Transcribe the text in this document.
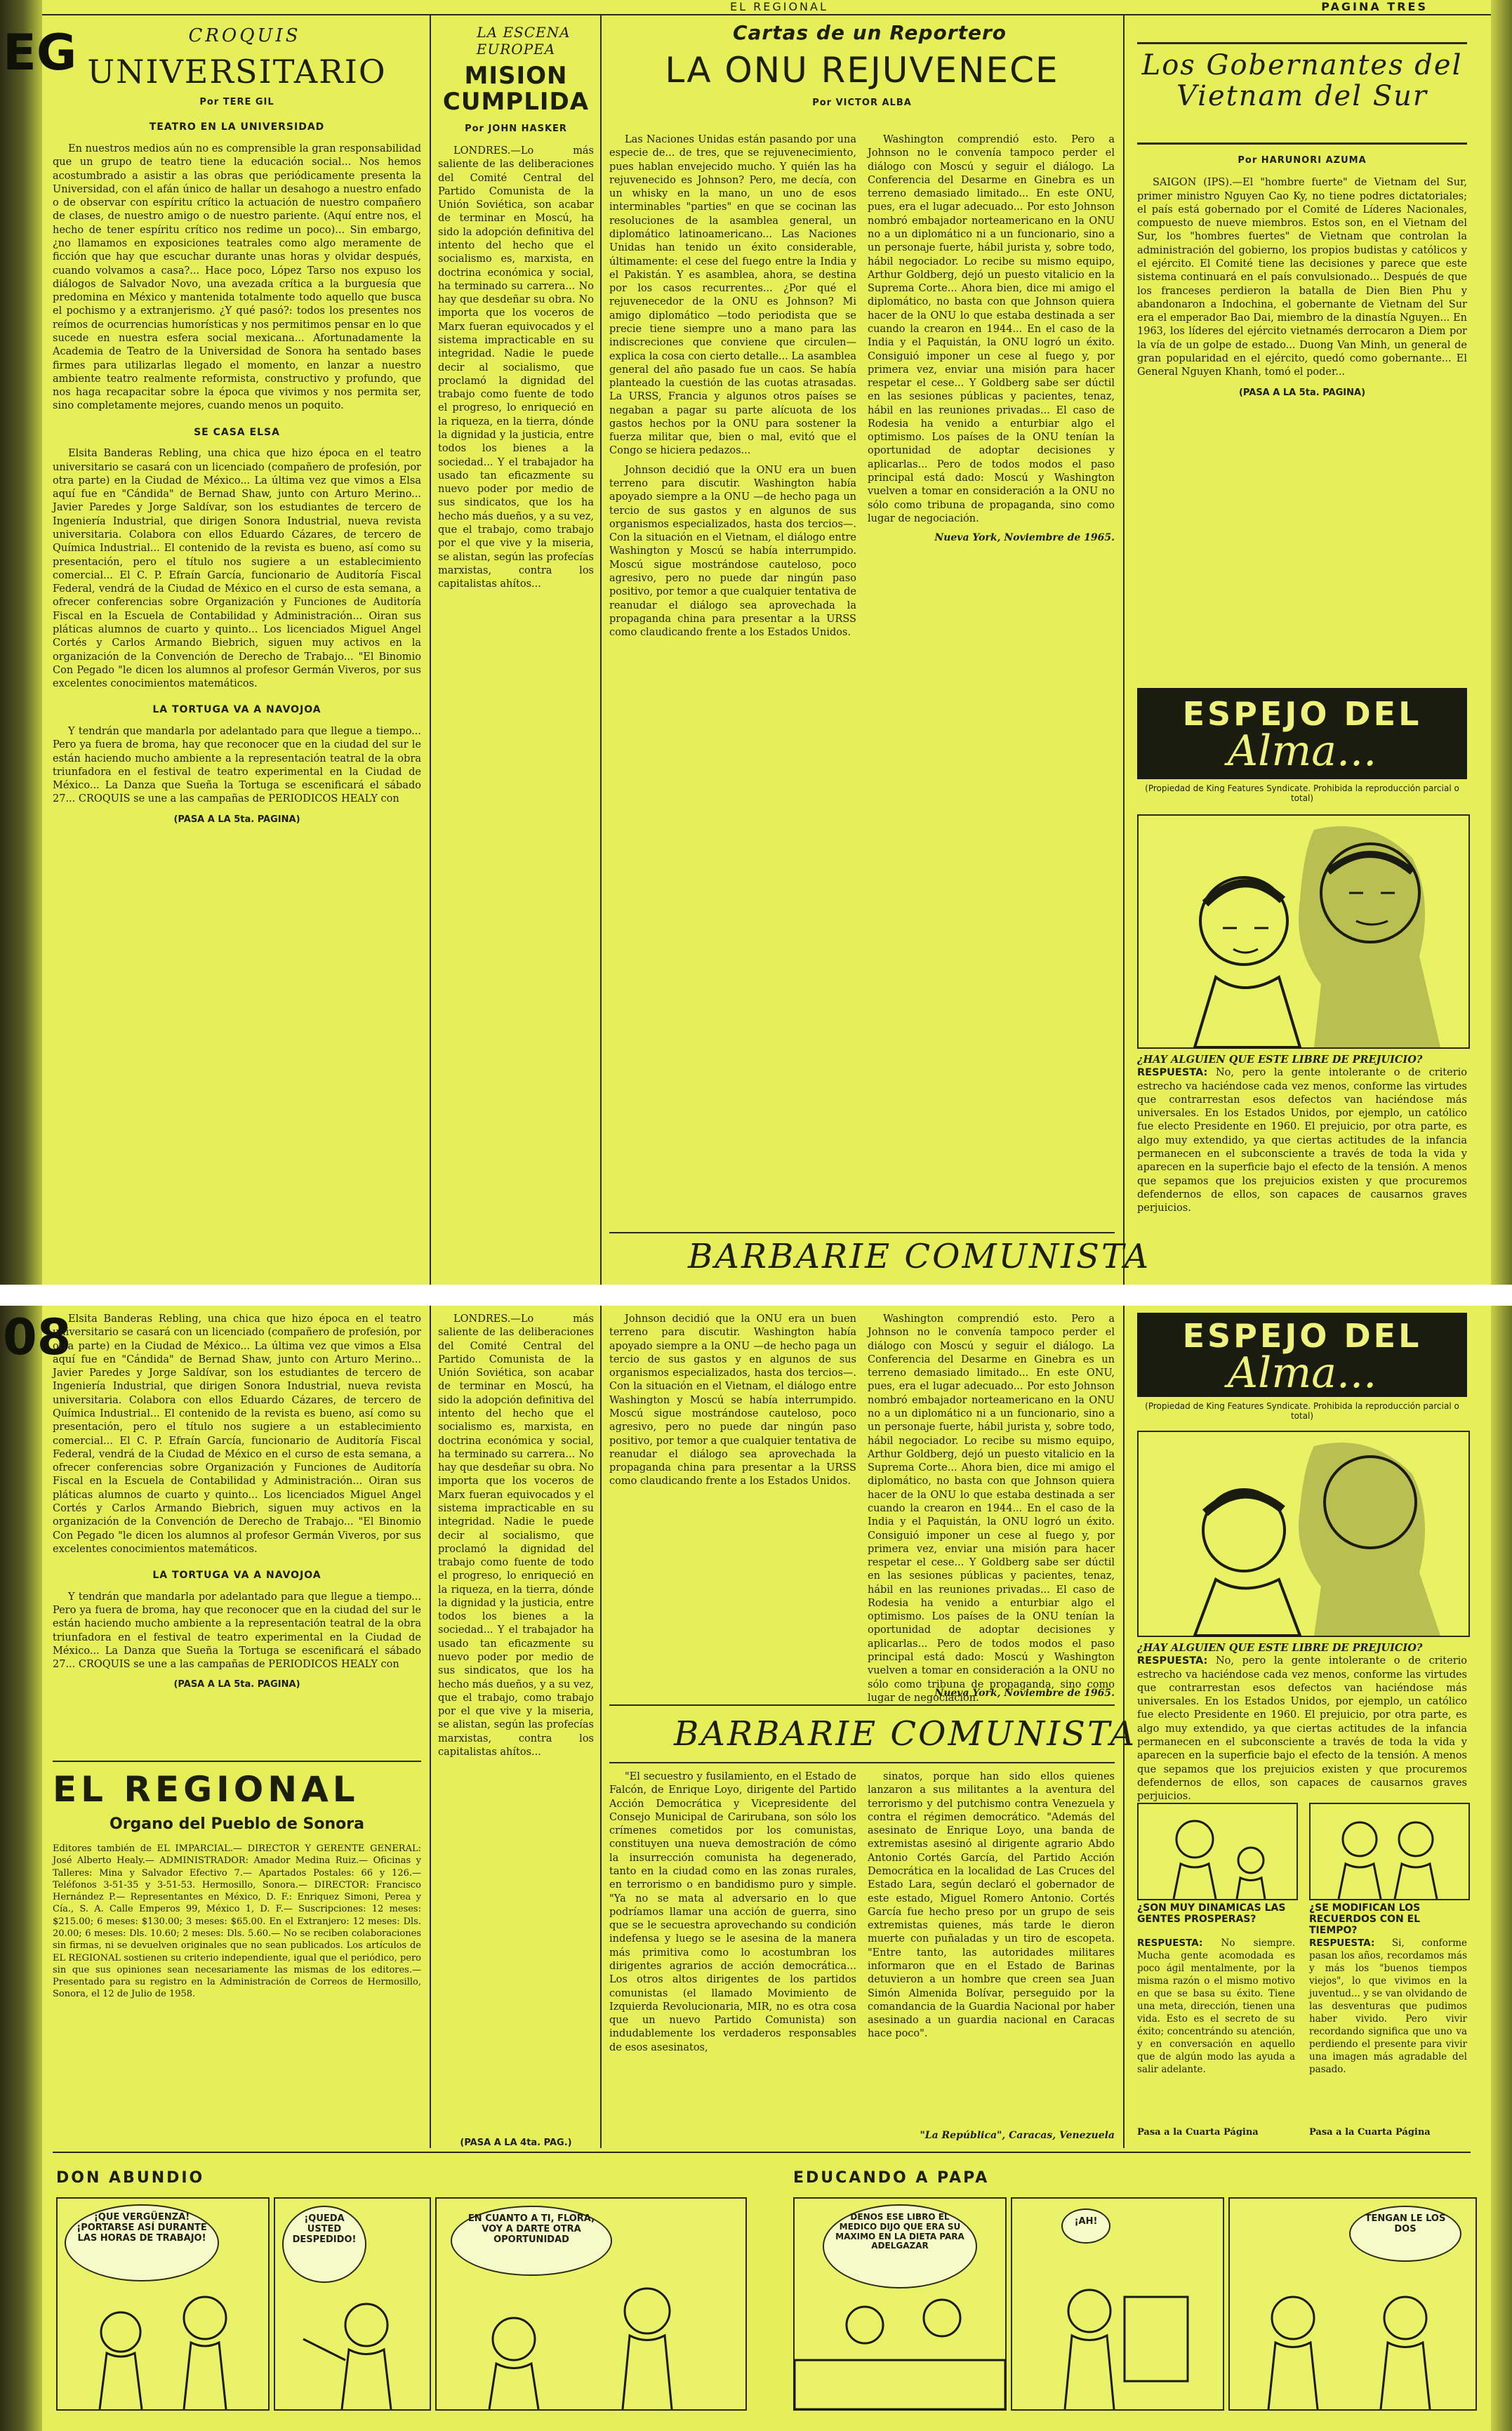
EG
EL REGIONAL	PAGINA TRES

CROQUIS

UNIVERSITARIO
Por TERE GIL
TEATRO EN LA UNIVERSIDAD

En nuestros medios aún no es comprensible la gran responsabilidad que un grupo de teatro tiene la educación social... Nos hemos acostumbrado a asistir a las obras que periódicamente presenta la Universidad, con el afán único de hallar un desahogo a nuestro enfado o de observar con espíritu crítico la actuación de nuestro compañero de clases, de nuestro amigo o de nuestro pariente. (Aquí entre nos, el hecho de tener espíritu crítico nos redime un poco)... Sin embargo, ¿no llamamos en exposiciones teatrales como algo meramente de ficción que hay que escuchar durante unas horas y olvidar después, cuando volvamos a casa?... Hace poco, López Tarso nos expuso los diálogos de Salvador Novo, una avezada crítica a la burguesía que predomina en México y mantenida totalmente todo aquello que busca el pochismo y a extranjerismo. ¿Y qué pasó?: todos los presentes nos reímos de ocurrencias humorísticas y nos permitimos pensar en lo que sucede en nuestra esfera social mexicana... Afortunadamente la Academia de Teatro de la Universidad de Sonora ha sentado bases firmes para utilizarlas llegado el momento, en lanzar a nuestro ambiente teatro realmente reformista, constructivo y profundo, que nos haga recapacitar sobre la época que vivimos y nos permita ser, sino completamente mejores, cuando menos un poquito.

SE CASA ELSA

Elsita Banderas Rebling, una chica que hizo época en el teatro universitario se casará con un licenciado (compañero de profesión, por otra parte) en la Ciudad de México... La última vez que vimos a Elsa aquí fue en "Cándida" de Bernad Shaw, junto con Arturo Merino... Javier Paredes y Jorge Saldívar, son los estudiantes de tercero de Ingeniería Industrial, que dirigen Sonora Industrial, nueva revista universitaria. Colabora con ellos Eduardo Cázares, de tercero de Química Industrial... El contenido de la revista es bueno, así como su presentación, pero el título nos sugiere a un establecimiento comercial... El C. P. Efraín García, funcionario de Auditoría Fiscal Federal, vendrá de la Ciudad de México en el curso de esta semana, a ofrecer conferencias sobre Organización y Funciones de Auditoría Fiscal en la Escuela de Contabilidad y Administración... Oiran sus pláticas alumnos de cuarto y quinto... Los licenciados Miguel Angel Cortés y Carlos Armando Biebrich, siguen muy activos en la organización de la Convención de Derecho de Trabajo... "El Binomio Con Pegado "le dicen los alumnos al profesor Germán Viveros, por sus excelentes conocimientos matemáticos.

LA TORTUGA VA A NAVOJOA

Y tendrán que mandarla por adelantado para que llegue a tiempo... Pero ya fuera de broma, hay que reconocer que en la ciudad del sur le están haciendo mucho ambiente a la representación teatral de la obra triunfadora en el festival de teatro experimental en la Ciudad de México... La Danza que Sueña la Tortuga se escenificará el sábado 27... CROQUIS se une a las campañas de PERIODICOS HEALY con

(PASA A LA 5ta. PAGINA)

LA ESCENA EUROPEA

MISION CUMPLIDA
Por JOHN HASKER

LONDRES.—Lo más saliente de las deliberaciones del Comité Central del Partido Comunista de la Unión Soviética, son acabar de terminar en Moscú, ha sido la adopción definitiva del intento del hecho que el socialismo es, marxista, en doctrina económica y social, ha terminado su carrera... No hay que desdeñar su obra. No importa que los voceros de Marx fueran equivocados y el sistema impracticable en su integridad. Nadie le puede decir al socialismo, que proclamó la dignidad del trabajo como fuente de todo el progreso, lo enriqueció en la riqueza, en la tierra, dónde la dignidad y la justicia, entre todos los bienes a la sociedad... Y el trabajador ha usado tan eficazmente su nuevo poder por medio de sus sindicatos, que los ha hecho más dueños, y a su vez, que el trabajo, como trabajo por el que vive y la miseria, se alistan, según las profecías marxistas, contra los capitalistas ahítos...

Cartas de un Reportero

LA ONU REJUVENECE
Por VICTOR ALBA

Las Naciones Unidas están pasando por una especie de... de tres, que se rejuvenecimiento, pues hablan envejecido mucho. Y quién las ha rejuvenecido es Johnson? Pero, me decía, con un whisky en la mano, un uno de esos interminables "parties" en que se cocinan las resoluciones de la asamblea general, un diplomático latinoamericano... Las Naciones Unidas han tenido un éxito considerable, últimamente: el cese del fuego entre la India y el Pakistán. Y es asamblea, ahora, se destina por los casos recurrentes... ¿Por qué el rejuvenecedor de la ONU es Johnson? Mi amigo diplomático —todo periodista que se precie tiene siempre uno a mano para las indiscreciones que conviene que circulen— explica la cosa con cierto detalle... La asamblea general del año pasado fue un caos. Se había planteado la cuestión de las cuotas atrasadas. La URSS, Francia y algunos otros países se negaban a pagar su parte alícuota de los gastos hechos por la ONU para sostener la fuerza militar que, bien o mal, evitó que el Congo se hiciera pedazos...

Johnson decidió que la ONU era un buen terreno para discutir. Washington había apoyado siempre a la ONU —de hecho paga un tercio de sus gastos y en algunos de sus organismos especializados, hasta dos tercios—. Con la situación en el Vietnam, el diálogo entre Washington y Moscú se había interrumpido. Moscú sigue mostrándose cauteloso, poco agresivo, pero no puede dar ningún paso positivo, por temor a que cualquier tentativa de reanudar el diálogo sea aprovechada la propaganda china para presentar a la URSS como claudicando frente a los Estados Unidos.

Washington comprendió esto. Pero a Johnson no le convenía tampoco perder el diálogo con Moscú y seguir el diálogo. La Conferencia del Desarme en Ginebra es un terreno demasiado limitado... En este ONU, pues, era el lugar adecuado... Por esto Johnson nombró embajador norteamericano en la ONU no a un diplomático ni a un funcionario, sino a un personaje fuerte, hábil jurista y, sobre todo, hábil negociador. Lo recibe su mismo equipo, Arthur Goldberg, dejó un puesto vitalicio en la Suprema Corte... Ahora bien, dice mi amigo el diplomático, no basta con que Johnson quiera hacer de la ONU lo que estaba destinada a ser cuando la crearon en 1944... En el caso de la India y el Paquistán, la ONU logró un éxito. Consiguió imponer un cese al fuego y, por primera vez, enviar una misión para hacer respetar el cese... Y Goldberg sabe ser dúctil en las sesiones públicas y pacientes, tenaz, hábil en las reuniones privadas... El caso de Rodesia ha venido a enturbiar algo el optimismo. Los países de la ONU tenían la oportunidad de adoptar decisiones y aplicarlas... Pero de todos modos el paso principal está dado: Moscú y Washington vuelven a tomar en consideración a la ONU no sólo como tribuna de propaganda, sino como lugar de negociación.

Nueva York, Noviembre de 1965.
BARBARIE COMUNISTA
Los Gobernantes del Vietnam del Sur
Por HARUNORI AZUMA

SAIGON (IPS).—El "hombre fuerte" de Vietnam del Sur, primer ministro Nguyen Cao Ky, no tiene podres dictatoriales; el país está gobernado por el Comité de Líderes Nacionales, compuesto de nueve miembros. Estos son, en el Vietnam del Sur, los "hombres fuertes" de Vietnam que controlan la administración del gobierno, los propios budistas y católicos y el ejército. El Comité tiene las decisiones y parece que este sistema continuará en el país convulsionado... Después de que los franceses perdieron la batalla de Dien Bien Phu y abandonaron a Indochina, el gobernante de Vietnam del Sur era el emperador Bao Dai, miembro de la dinastía Nguyen... En 1963, los líderes del ejército vietnamés derrocaron a Diem por la vía de un golpe de estado... Duong Van Minh, un general de gran popularidad en el ejército, quedó como gobernante... El General Nguyen Khanh, tomó el poder...

(PASA A LA 5ta. PAGINA)
ESPEJO DEL
Alma...
(Propiedad de King Features Syndicate. Prohibida la reproducción parcial o total)
¿HAY ALGUIEN QUE ESTE LIBRE DE PREJUICIO?
RESPUESTA: No, pero la gente intolerante o de criterio estrecho va haciéndose cada vez menos, conforme las virtudes que contrarrestan esos defectos van haciéndose más universales. En los Estados Unidos, por ejemplo, un católico fue electo Presidente en 1960. El prejuicio, por otra parte, es algo muy extendido, ya que ciertas actitudes de la infancia permanecen en el subconsciente a través de toda la vida y aparecen en la superficie bajo el efecto de la tensión. A menos que sepamos que los prejuicios existen y que procuremos defendernos de ellos, son capaces de causarnos graves perjuicios.
08

Elsita Banderas Rebling, una chica que hizo época en el teatro universitario se casará con un licenciado (compañero de profesión, por otra parte) en la Ciudad de México... La última vez que vimos a Elsa aquí fue en "Cándida" de Bernad Shaw, junto con Arturo Merino... Javier Paredes y Jorge Saldívar, son los estudiantes de tercero de Ingeniería Industrial, que dirigen Sonora Industrial, nueva revista universitaria. Colabora con ellos Eduardo Cázares, de tercero de Química Industrial... El contenido de la revista es bueno, así como su presentación, pero el título nos sugiere a un establecimiento comercial... El C. P. Efraín García, funcionario de Auditoría Fiscal Federal, vendrá de la Ciudad de México en el curso de esta semana, a ofrecer conferencias sobre Organización y Funciones de Auditoría Fiscal en la Escuela de Contabilidad y Administración... Oiran sus pláticas alumnos de cuarto y quinto... Los licenciados Miguel Angel Cortés y Carlos Armando Biebrich, siguen muy activos en la organización de la Convención de Derecho de Trabajo... "El Binomio Con Pegado "le dicen los alumnos al profesor Germán Viveros, por sus excelentes conocimientos matemáticos.

LA TORTUGA VA A NAVOJOA

Y tendrán que mandarla por adelantado para que llegue a tiempo... Pero ya fuera de broma, hay que reconocer que en la ciudad del sur le están haciendo mucho ambiente a la representación teatral de la obra triunfadora en el festival de teatro experimental en la Ciudad de México... La Danza que Sueña la Tortuga se escenificará el sábado 27... CROQUIS se une a las campañas de PERIODICOS HEALY con

(PASA A LA 5ta. PAGINA)
EL REGIONAL
Organo del Pueblo de Sonora
Editores también de EL IMPARCIAL.— DIRECTOR Y GERENTE GENERAL: José Alberto Healy.— ADMINISTRADOR: Amador Medina Ruiz.— Oficinas y Talleres: Mina y Salvador Efectivo 7.— Apartados Postales: 66 y 126.— Teléfonos 3-51-35 y 3-51-53. Hermosillo, Sonora.— DIRECTOR: Francisco Hernández P.— Representantes en México, D. F.: Enriquez Simoni, Perea y Cía., S. A. Calle Emperos 99, México 1, D. F.— Suscripciones: 12 meses: $215.00; 6 meses: $130.00; 3 meses: $65.00. En el Extranjero: 12 meses: Dls. 20.00; 6 meses: Dls. 10.60; 2 meses: Dls. 5.60.— No se reciben colaboraciones sin firmas, ni se devuelven originales que no sean publicados. Los artículos de EL REGIONAL sostienen su criterio independiente, igual que el periódico, pero sin que sus opiniones sean necesariamente las mismas de los editores.— Presentado para su registro en la Administración de Correos de Hermosillo, Sonora, el 12 de Julio de 1958.

LONDRES.—Lo más saliente de las deliberaciones del Comité Central del Partido Comunista de la Unión Soviética, son acabar de terminar en Moscú, ha sido la adopción definitiva del intento del hecho que el socialismo es, marxista, en doctrina económica y social, ha terminado su carrera... No hay que desdeñar su obra. No importa que los voceros de Marx fueran equivocados y el sistema impracticable en su integridad. Nadie le puede decir al socialismo, que proclamó la dignidad del trabajo como fuente de todo el progreso, lo enriqueció en la riqueza, en la tierra, dónde la dignidad y la justicia, entre todos los bienes a la sociedad... Y el trabajador ha usado tan eficazmente su nuevo poder por medio de sus sindicatos, que los ha hecho más dueños, y a su vez, que el trabajo, como trabajo por el que vive y la miseria, se alistan, según las profecías marxistas, contra los capitalistas ahítos...

(PASA A LA 4ta. PAG.)

Johnson decidió que la ONU era un buen terreno para discutir. Washington había apoyado siempre a la ONU —de hecho paga un tercio de sus gastos y en algunos de sus organismos especializados, hasta dos tercios—. Con la situación en el Vietnam, el diálogo entre Washington y Moscú se había interrumpido. Moscú sigue mostrándose cauteloso, poco agresivo, pero no puede dar ningún paso positivo, por temor a que cualquier tentativa de reanudar el diálogo sea aprovechada la propaganda china para presentar a la URSS como claudicando frente a los Estados Unidos.

Washington comprendió esto. Pero a Johnson no le convenía tampoco perder el diálogo con Moscú y seguir el diálogo. La Conferencia del Desarme en Ginebra es un terreno demasiado limitado... En este ONU, pues, era el lugar adecuado... Por esto Johnson nombró embajador norteamericano en la ONU no a un diplomático ni a un funcionario, sino a un personaje fuerte, hábil jurista y, sobre todo, hábil negociador. Lo recibe su mismo equipo, Arthur Goldberg, dejó un puesto vitalicio en la Suprema Corte... Ahora bien, dice mi amigo el diplomático, no basta con que Johnson quiera hacer de la ONU lo que estaba destinada a ser cuando la crearon en 1944... En el caso de la India y el Paquistán, la ONU logró un éxito. Consiguió imponer un cese al fuego y, por primera vez, enviar una misión para hacer respetar el cese... Y Goldberg sabe ser dúctil en las sesiones públicas y pacientes, tenaz, hábil en las reuniones privadas... El caso de Rodesia ha venido a enturbiar algo el optimismo. Los países de la ONU tenían la oportunidad de adoptar decisiones y aplicarlas... Pero de todos modos el paso principal está dado: Moscú y Washington vuelven a tomar en consideración a la ONU no sólo como tribuna de propaganda, sino como lugar de negociación.

Nueva York, Noviembre de 1965.
BARBARIE COMUNISTA

"El secuestro y fusilamiento, en el Estado de Falcón, de Enrique Loyo, dirigente del Partido Acción Democrática y Vicepresidente del Consejo Municipal de Carirubana, son sólo los crímenes cometidos por los comunistas, constituyen una nueva demostración de cómo la insurrección comunista ha degenerado, tanto en la ciudad como en las zonas rurales, en terrorismo o en bandidismo puro y simple. "Ya no se mata al adversario en lo que podríamos llamar una acción de guerra, sino que se le secuestra aprovechando su condición indefensa y luego se le asesina de la manera más primitiva como lo acostumbran los dirigentes agrarios de acción democrática... Los otros altos dirigentes de los partidos comunistas (el llamado Movimiento de Izquierda Revolucionaria, MIR, no es otra cosa que un nuevo Partido Comunista) son indudablemente los verdaderos responsables de esos asesinatos,

sinatos, porque han sido ellos quienes lanzaron a sus militantes a la aventura del terrorismo y del putchismo contra Venezuela y contra el régimen democrático. "Además del asesinato de Enrique Loyo, una banda de extremistas asesinó al dirigente agrario Abdo Antonio Cortés García, del Partido Acción Democrática en la localidad de Las Cruces del Estado Lara, según declaró el gobernador de este estado, Miguel Romero Antonio. Cortés García fue hecho preso por un grupo de seis extremistas quienes, más tarde le dieron muerte con puñaladas y un tiro de escopeta. "Entre tanto, las autoridades militares informaron que en el Estado de Barinas detuvieron a un hombre que creen sea Juan Simón Almenida Bolívar, perseguido por la comandancia de la Guardia Nacional por haber asesinado a un guardia nacional en Caracas hace poco".

"La República", Caracas, Venezuela
ESPEJO DEL
Alma...
(Propiedad de King Features Syndicate. Prohibida la reproducción parcial o total)
¿HAY ALGUIEN QUE ESTE LIBRE DE PREJUICIO?
RESPUESTA: No, pero la gente intolerante o de criterio estrecho va haciéndose cada vez menos, conforme las virtudes que contrarrestan esos defectos van haciéndose más universales. En los Estados Unidos, por ejemplo, un católico fue electo Presidente en 1960. El prejuicio, por otra parte, es algo muy extendido, ya que ciertas actitudes de la infancia permanecen en el subconsciente a través de toda la vida y aparecen en la superficie bajo el efecto de la tensión. A menos que sepamos que los prejuicios existen y que procuremos defendernos de ellos, son capaces de causarnos graves perjuicios.
¿SON MUY DINAMICAS LAS GENTES PROSPERAS?
¿SE MODIFICAN LOS RECUERDOS CON EL TIEMPO?
RESPUESTA: No siempre. Mucha gente acomodada es poco ágil mentalmente, por la misma razón o el mismo motivo en que se basa su éxito. Tiene una meta, dirección, tienen una vida. Esto es el secreto de su éxito; concentrándo su atención, y en conversación en aquello que de algún modo las ayuda a salir adelante.
RESPUESTA: Si, conforme pasan los años, recordamos más y más los "buenos tiempos viejos", lo que vivimos en la juventud... y se van olvidando de las desventuras que pudimos haber vivido. Pero vivir recordando significa que uno va perdiendo el presente para vivir una imagen más agradable del pasado.
Pasa a la Cuarta Página	Pasa a la Cuarta Página
DON ABUNDIO	EDUCANDO A PAPA
¡QUE VERGÜENZA! ¡PORTARSE ASÍ DURANTE LAS HORAS DE TRABAJO!
¡QUEDA USTED DESPEDIDO!
EN CUANTO A TI, FLORA, VOY A DARTE OTRA OPORTUNIDAD
DENOS ESE LIBRO EL MEDICO DIJO QUE ERA SU MAXIMO EN LA DIETA PARA ADELGAZAR
¡AH!	TENGAN LE LOS DOS
